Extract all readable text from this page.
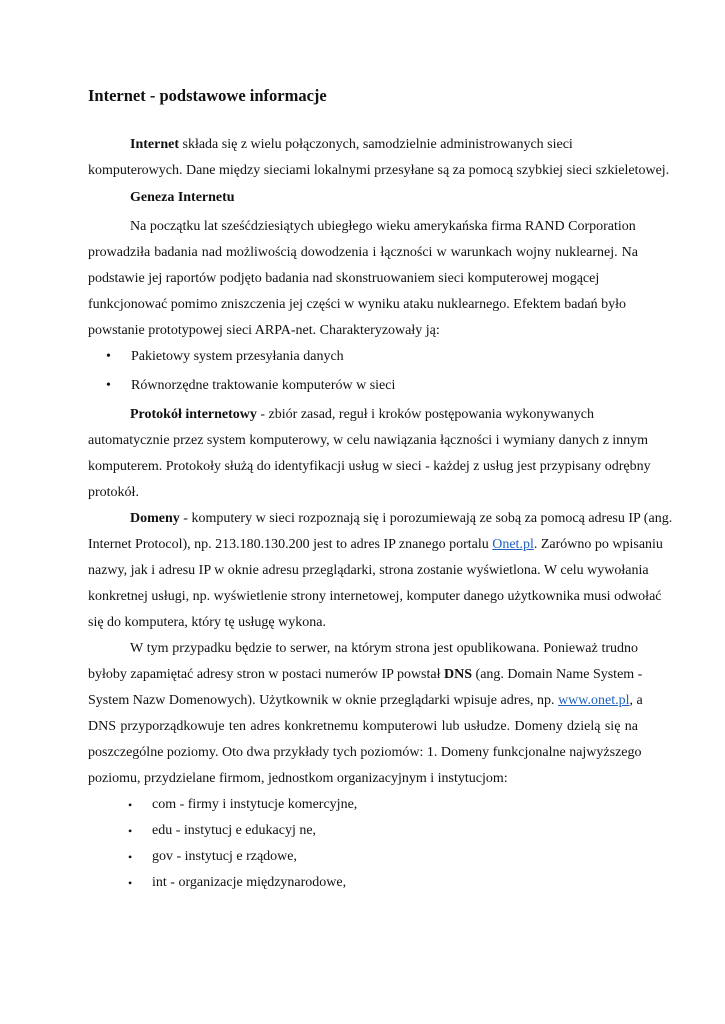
Internet - podstawowe informacje
Internet składa się z wielu połączonych, samodzielnie administrowanych sieci
komputerowych. Dane między sieciami lokalnymi przesyłane są za pomocą szybkiej sieci szkieletowej.
Geneza Internetu
Na początku lat sześćdziesiątych ubiegłego wieku amerykańska firma RAND Corporation
prowadziła badania nad możliwością dowodzenia i łączności w warunkach wojny nuklearnej. Na
podstawie jej raportów podjęto badania nad skonstruowaniem sieci komputerowej mogącej
funkcjonować pomimo zniszczenia jej części w wyniku ataku nuklearnego. Efektem badań było
powstanie prototypowej sieci ARPA-net. Charakteryzowały ją:
• Pakietowy system przesyłania danych
• Równorzędne traktowanie komputerów w sieci
Protokół internetowy - zbiór zasad, reguł i kroków postępowania wykonywanych
automatycznie przez system komputerowy, w celu nawiązania łączności i wymiany danych z innym
komputerem. Protokoły służą do identyfikacji usług w sieci - każdej z usług jest przypisany odrębny
protokół.
Domeny - komputery w sieci rozpoznają się i porozumiewają ze sobą za pomocą adresu IP (ang.
Internet Protocol), np. 213.180.130.200 jest to adres IP znanego portalu Onet.pl. Zarówno po wpisaniu
nazwy, jak i adresu IP w oknie adresu przeglądarki, strona zostanie wyświetlona. W celu wywołania
konkretnej usługi, np. wyświetlenie strony internetowej, komputer danego użytkownika musi odwołać
się do komputera, który tę usługę wykona.
W tym przypadku będzie to serwer, na którym strona jest opublikowana. Ponieważ trudno
byłoby zapamiętać adresy stron w postaci numerów IP powstał DNS (ang. Domain Name System -
System Nazw Domenowych). Użytkownik w oknie przeglądarki wpisuje adres, np. www.onet.pl, a
DNS przyporządkowuje ten adres konkretnemu komputerowi lub usłudze. Domeny dzielą się na
poszczególne poziomy. Oto dwa przykłady tych poziomów: 1. Domeny funkcjonalne najwyższego
poziomu, przydzielane firmom, jednostkom organizacyjnym i instytucjom:
• com - firmy i instytucje komercyjne,
• edu - instytucj e edukacyj ne,
• gov - instytucj e rządowe,
• int - organizacje międzynarodowe,
